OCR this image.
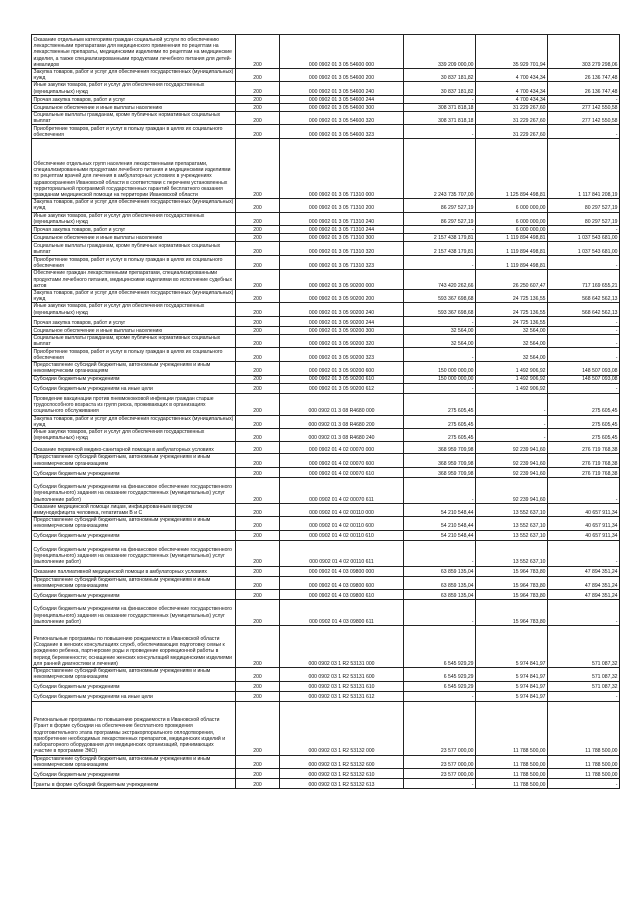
Оказание отдельным категориям граждан социальной услуги по обеспечению лекарственными препаратами для медицинского применения по рецептам на лекарственные препараты, медицинскими изделиями по рецептам на медицинские изделия, а также специализированными продуктами лечебного питания для детей-инвалидов	200	000 0902 01 3 05 54600 000	339 209 000,00	35 929 701,94	303 279 298,06
Закупка товаров, работ и услуг для обеспечения государственных (муниципальных) нужд	200	000 0902 01 3 05 54600 200	30 837 181,82	4 700 434,34	26 136 747,48
Иные закупки товаров, работ и услуг для обеспечения государственных (муниципальных) нужд	200	000 0902 01 3 05 54600 240	30 837 181,82	4 700 434,34	26 136 747,48
Прочая закупка товаров, работ и услуг	200	000 0902 01 3 05 54600 244	-	4 700 434,34	-
Социальное обеспечение и иные выплаты населению	200	000 0902 01 3 05 54600 300	308 371 818,18	31 229 267,60	277 142 550,58
Социальные выплаты гражданам, кроме публичных нормативных социальных выплат	200	000 0902 01 3 05 54600 320	308 371 818,18	31 229 267,60	277 142 550,58
Приобретение товаров, работ и услуг в пользу граждан в целях их социального обеспечения	200	000 0902 01 3 05 54600 323	-	31 229 267,60	-
Обеспечение отдельных групп населения лекарственными препаратами, специализированными продуктами лечебного питания и медицинскими изделиями по рецептам врачей для лечения в амбулаторных условиях в учреждениях здравоохранения Ивановской области в соответствии с перечнем установленных территориальной программой государственных гарантий бесплатного оказания гражданам медицинской помощи на территории Ивановской области	200	000 0902 01 3 05 71310 000	2 243 735 707,00	1 125 894 498,81	1 117 841 208,19
Закупка товаров, работ и услуг для обеспечения государственных (муниципальных) нужд	200	000 0902 01 3 05 71310 200	86 297 527,19	6 000 000,00	80 297 527,19
Иные закупки товаров, работ и услуг для обеспечения государственных (муниципальных) нужд	200	000 0902 01 3 05 71310 240	86 297 527,19	6 000 000,00	80 297 527,19
Прочая закупка товаров, работ и услуг	200	000 0902 01 3 05 71310 244	-	6 000 000,00	-
Социальное обеспечение и иные выплаты населению	200	000 0902 01 3 05 71310 300	2 157 438 179,81	1 119 894 498,81	1 037 543 681,00
Социальные выплаты гражданам, кроме публичных нормативных социальных выплат	200	000 0902 01 3 05 71310 320	2 157 438 179,81	1 119 894 498,81	1 037 543 681,00
Приобретение товаров, работ и услуг в пользу граждан в целях их социального обеспечения	200	000 0902 01 3 05 71310 323	-	1 119 894 498,81	-
Обеспечение граждан лекарственными препаратами, специализированными продуктами лечебного питания, медицинскими изделиями во исполнение судебных актов	200	000 0902 01 3 05 90200 000	743 420 262,66	26 250 607,47	717 169 655,21
Закупка товаров, работ и услуг для обеспечения государственных (муниципальных) нужд	200	000 0902 01 3 05 90200 200	593 367 698,68	24 725 136,55	568 642 562,13
Иные закупки товаров, работ и услуг для обеспечения государственных (муниципальных) нужд	200	000 0902 01 3 05 90200 240	593 367 698,68	24 725 136,55	568 642 562,13
Прочая закупка товаров, работ и услуг	200	000 0902 01 3 05 90200 244	-	24 725 136,55	-
Социальное обеспечение и иные выплаты населению	200	000 0902 01 3 05 90200 300	32 564,00	32 564,00	-
Социальные выплаты гражданам, кроме публичных нормативных социальных выплат	200	000 0902 01 3 05 90200 320	32 564,00	32 564,00	-
Приобретение товаров, работ и услуг в пользу граждан в целях их социального обеспечения	200	000 0902 01 3 05 90200 323	-	32 564,00	-
Предоставление субсидий бюджетным, автономным учреждениям и иным некоммерческим организациям	200	000 0902 01 3 05 90200 600	150 000 000,00	1 492 906,92	148 507 093,08
Субсидии бюджетным учреждениям	200	000 0902 01 3 05 90200 610	150 000 000,00	1 492 906,92	148 507 093,08
Субсидии бюджетным учреждениям на иные цели	200	000 0902 01 3 05 90200 612	-	1 492 906,92	-
Проведение вакцинации против пневмококковой инфекции граждан старше трудоспособного возраста из групп риска, проживающих в организациях социального обслуживания	200	000 0902 01 3 08 R4680 000	275 605,45	-	275 605,45
Закупка товаров, работ и услуг для обеспечения государственных (муниципальных) нужд	200	000 0902 01 3 08 R4680 200	275 605,45	-	275 605,45
Иные закупки товаров, работ и услуг для обеспечения государственных (муниципальных) нужд	200	000 0902 01 3 08 R4680 240	275 605,45	-	275 605,45
Оказание первичной медико-санитарной помощи в амбулаторных условиях	200	000 0902 01 4 02 00070 000	368 959 709,98	92 239 941,60	276 719 768,38
Предоставление субсидий бюджетным, автономным учреждениям и иным некоммерческим организациям	200	000 0902 01 4 02 00070 600	368 959 709,98	92 239 941,60	276 719 768,38
Субсидии бюджетным учреждениям	200	000 0902 01 4 02 00070 610	368 959 709,98	92 239 941,60	276 719 768,38
Субсидии бюджетным учреждениям на финансовое обеспечение государственного (муниципального) задания на оказание государственных (муниципальных) услуг (выполнение работ)	200	000 0902 01 4 02 00070 611	-	92 239 941,60	-
Оказание медицинской помощи лицам, инфицированным вирусом иммунодефицита человека, гепатитами B и C	200	000 0902 01 4 02 00110 000	54 210 548,44	13 552 637,10	40 657 911,34
Предоставление субсидий бюджетным, автономным учреждениям и иным некоммерческим организациям	200	000 0902 01 4 02 00110 600	54 210 548,44	13 552 637,10	40 657 911,34
Субсидии бюджетным учреждениям	200	000 0902 01 4 02 00110 610	54 210 548,44	13 552 637,10	40 657 911,34
Субсидии бюджетным учреждениям на финансовое обеспечение государственного (муниципального) задания на оказание государственных (муниципальных) услуг (выполнение работ)	200	000 0902 01 4 02 00110 611	-	13 552 637,10	-
Оказание паллиативной медицинской помощи в амбулаторных условиях	200	000 0902 01 4 03 09800 000	63 859 135,04	15 964 783,80	47 894 351,24
Предоставление субсидий бюджетным, автономным учреждениям и иным некоммерческим организациям	200	000 0902 01 4 03 09800 600	63 859 135,04	15 964 783,80	47 894 351,24
Субсидии бюджетным учреждениям	200	000 0902 01 4 03 09800 610	63 859 135,04	15 964 783,80	47 894 351,24
Субсидии бюджетным учреждениям на финансовое обеспечение государственного (муниципального) задания на оказание государственных (муниципальных) услуг (выполнение работ)	200	000 0902 01 4 03 09800 611	-	15 964 783,80	-
Региональные программы по повышению рождаемости в Ивановской области (Создание в женских консультациях служб, обеспечивающих подготовку семьи к рождению ребенка, партнерские роды и проведение коррекционной работы в период беременности; оснащение женских консультаций медицинскими изделиями для ранней диагностики и лечения)	200	000 0902 03 1 R2 53131 000	6 545 929,29	5 974 841,97	571 087,32
Предоставление субсидий бюджетным, автономным учреждениям и иным некоммерческим организациям	200	000 0902 03 1 R2 53131 600	6 545 929,29	5 974 841,97	571 087,32
Субсидии бюджетным учреждениям	200	000 0902 03 1 R2 53131 610	6 545 929,29	5 974 841,97	571 087,32
Субсидии бюджетным учреждениям на иные цели	200	000 0902 03 1 R2 53131 612	-	5 974 841,97	-
Региональные программы по повышению рождаемости в Ивановской области (Грант в форме субсидии на обеспечение бесплатного проведения подготовительного этапа программы экстракорпорального оплодотворения, приобретение необходимых лекарственных препаратов, медицинских изделий и лабораторного оборудования для медицинских организаций, принимающих участие в программе ЭКО)	200	000 0902 03 1 R2 53132 000	23 577 000,00	11 788 500,00	11 788 500,00
Предоставление субсидий бюджетным, автономным учреждениям и иным некоммерческим организациям	200	000 0902 03 1 R2 53132 600	23 577 000,00	11 788 500,00	11 788 500,00
Субсидии бюджетным учреждениям	200	000 0902 03 1 R2 53132 610	23 577 000,00	11 788 500,00	11 788 500,00
Гранты в форме субсидий бюджетным учреждениям	200	000 0902 03 1 R2 53132 613	-	11 788 500,00	-
